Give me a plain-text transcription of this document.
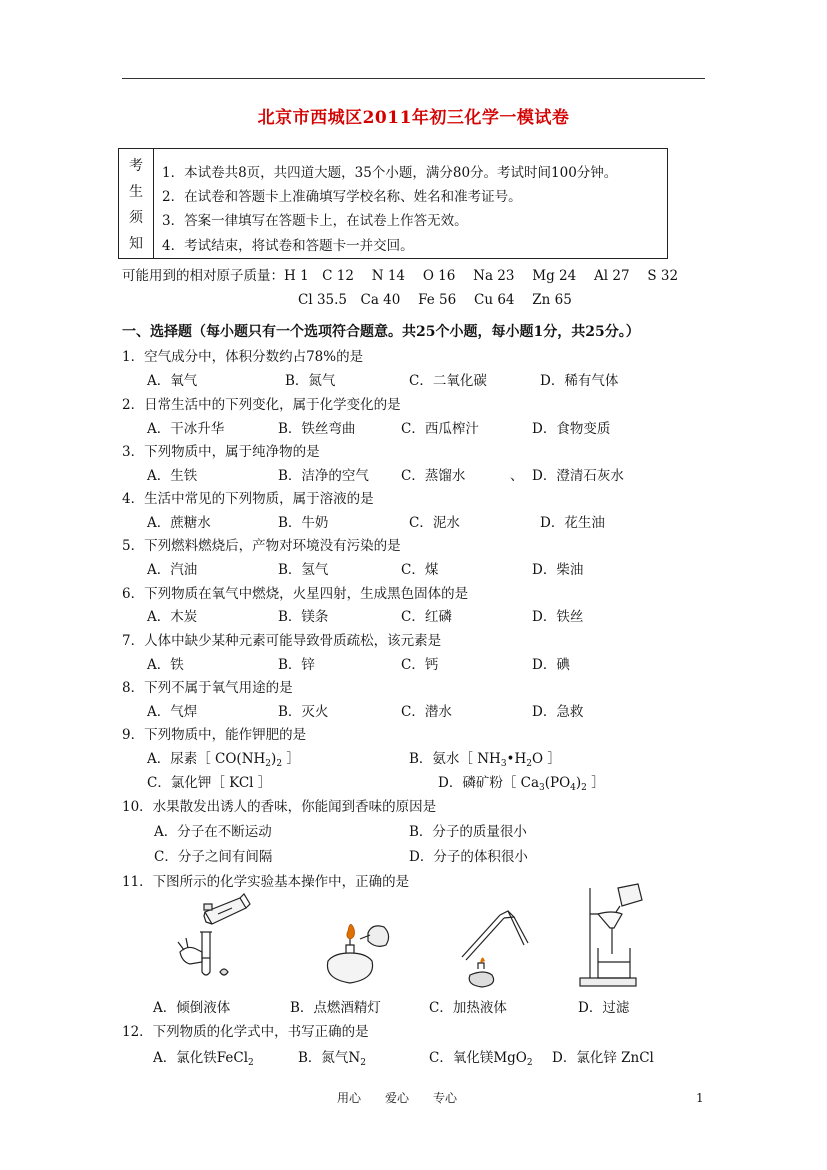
北京市西城区2011年初三化学一模试卷
考
生
须
知
1．本试卷共8页，共四道大题，35个小题，满分80分。考试时间100分钟。
2．在试卷和答题卡上准确填写学校名称、姓名和准考证号。
3．答案一律填写在答题卡上，在试卷上作答无效。
4．考试结束，将试卷和答题卡一并交回。
可能用到的相对原子质量：H 1　C 12　 N 14　 O 16　 Na 23　 Mg 24　 Al 27　 S 32
Cl 35.5　Ca 40　 Fe 56　 Cu 64　 Zn 65
一、选择题（每小题只有一个选项符合题意。共25个小题，每小题1分，共25分。）
1．空气成分中，体积分数约占78%的是
A．氧气	B．氮气	C．二氧化碳	D．稀有气体
2．日常生活中的下列变化，属于化学变化的是
A．干冰升华	B．铁丝弯曲	C．西瓜榨汁	D．食物变质
3．下列物质中，属于纯净物的是
A．生铁	B．洁净的空气 C．蒸馏水	、 D．澄清石灰水
4．生活中常见的下列物质，属于溶液的是
A．蔗糖水	B．牛奶	C．泥水	D．花生油
5．下列燃料燃烧后，产物对环境没有污染的是
A．汽油	B．氢气	C．煤	D．柴油
6．下列物质在氧气中燃烧，火星四射，生成黑色固体的是
A．木炭	B．镁条	C．红磷	D．铁丝
7．人体中缺少某种元素可能导致骨质疏松，该元素是
A．铁	B．锌	C．钙	D．碘
8．下列不属于氧气用途的是
A．气焊	B．灭火	C．潜水	D．急救
9．下列物质中，能作钾肥的是
A．尿素［ $CO(NH_2)_2$ ］	B．氨水［ $NH_3•H_2O$ ］
C．氯化钾［ KCl ］	D．磷矿粉［ $Ca_3(PO_4)_2$ ］
10．水果散发出诱人的香味，你能闻到香味的原因是
A．分子在不断运动	B．分子的质量很小
C．分子之间有间隔	D．分子的体积很小
11．下图所示的化学实验基本操作中，正确的是
A．倾倒液体	B．点燃酒精灯	C．加热液体	D．过滤
12．下列物质的化学式中，书写正确的是
A．氯化铁FeCl$_2$	B．氮气$N_2$	C．氧化镁MgO$_2$ D．氯化锌 ZnCl
用心　　爱心　　专心	1
